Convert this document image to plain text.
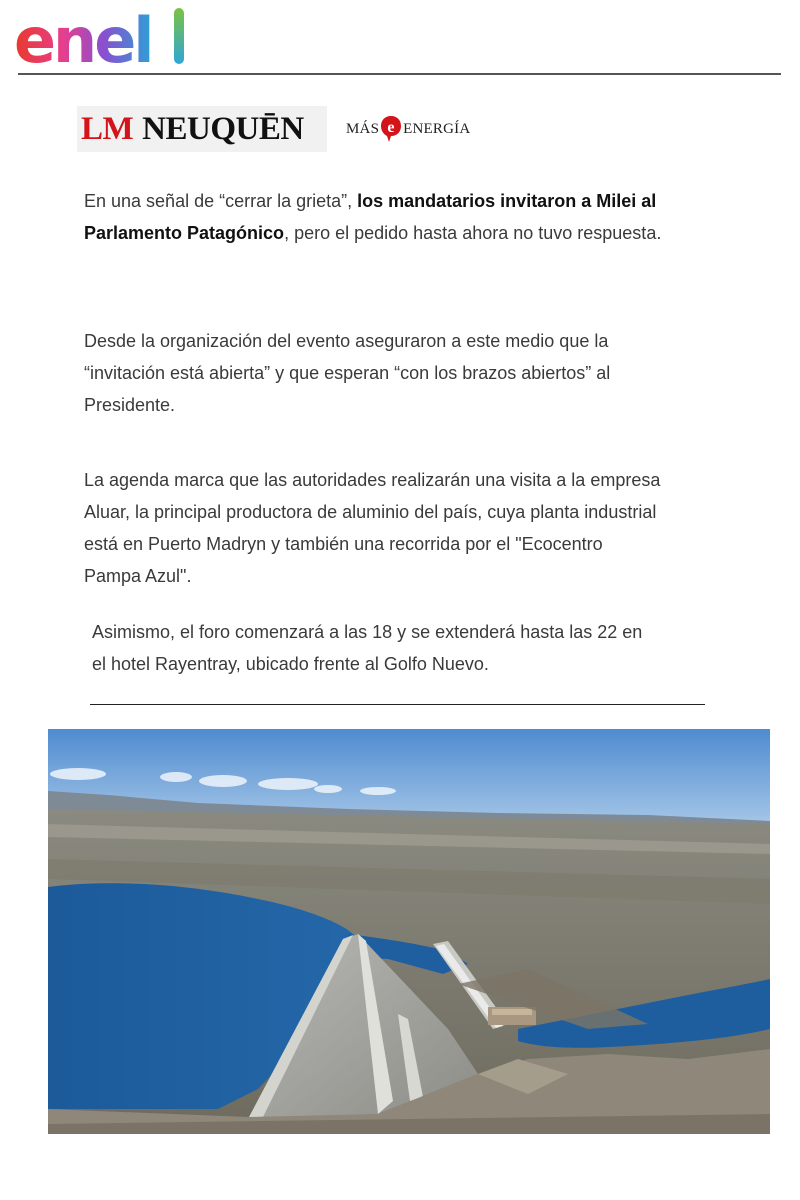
enel
LM NEUQUĒN	MÁS e ENERGÍA
En una señal de “cerrar la grieta”, los mandatarios invitaron a Milei al Parlamento Patagónico, pero el pedido hasta ahora no tuvo respuesta.
Desde la organización del evento aseguraron a este medio que la “invitación está abierta” y que esperan “con los brazos abiertos” al Presidente.
La agenda marca que las autoridades realizarán una visita a la empresa Aluar, la principal productora de aluminio del país, cuya planta industrial está en Puerto Madryn y también una recorrida por el "Ecocentro Pampa Azul".
Asimismo, el foro comenzará a las 18 y se extenderá hasta las 22 en el hotel Rayentray, ubicado frente al Golfo Nuevo.
